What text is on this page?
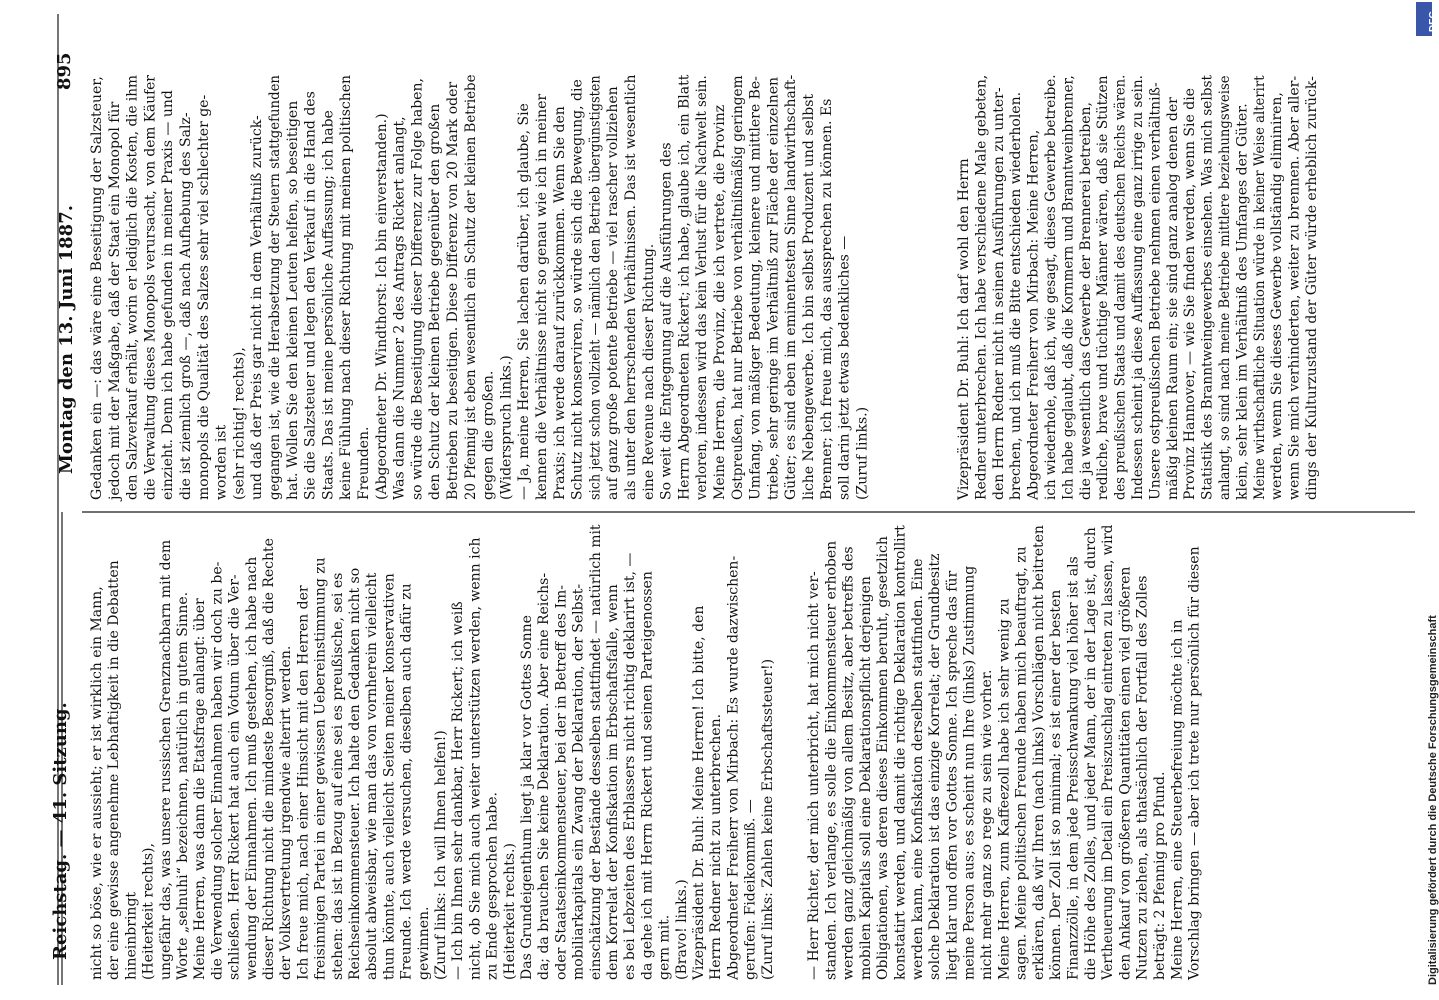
Reichstag. — 41. Sitzung.
Montag den 13. Juni 1887.
895
nicht so böse, wie er aussieht; er ist wirklich ein Mann, der eine gewisse angenehme Lebhaftigkeit in die Debatten hineinbringt (Heiterkeit rechts), ungefähr das, was unsere russischen Grenznachbarn mit dem Worte „selnuhi“ bezeichnen, natürlich in gutem Sinne. Meine Herren, was dann die Etatsfrage anlangt: über die Verwendung solcher Einnahmen haben wir doch zu be- schließen. Herr Rickert hat auch ein Votum über die Ver- wendung der Einnahmen. Ich muß gestehen, ich habe nach dieser Richtung nicht die mindeste Besorgniß, daß die Rechte der Volksvertretung irgendwie alterirt werden. Ich freue mich, nach einer Hinsicht mit den Herren der freisinnigen Partei in einer gewissen Uebereinstimmung zu stehen: das ist in Bezug auf eine sei es preußische, sei es Reichseinkommensteuer. Ich halte den Gedanken nicht so absolut abweisbar, wie man das von vornherein vielleicht thun könnte, auch vielleicht Seiten meiner konservativen Freunde. Ich werde versuchen, dieselben auch dafür zu gewinnen. (Zuruf links: Ich will Ihnen helfen!) — Ich bin Ihnen sehr dankbar, Herr Rickert; ich weiß nicht, ob Sie mich auch weiter unterstützen werden, wenn ich zu Ende gesprochen habe. (Heiterkeit rechts.) Das Grundeigenthum liegt ja klar vor Gottes Sonne da; da brauchen Sie keine Deklaration. Aber eine Reichs- oder Staatseinkommensteuer, bei der in Betreff des Im- mobiliarkapitals ein Zwang der Deklaration, der Selbst- einschätzung der Bestände desselben stattfindet — natürlich mit dem Korrelat der Konfiskation im Erbschaftsfalle, wenn es bei Lebzeiten des Erblassers nicht richtig deklarirt ist, — da gehe ich mit Herrn Rickert und seinen Parteigenossen gern mit. (Bravo! links.) Vizepräsident Dr. Buhl: Meine Herren! Ich bitte, den Herrn Redner nicht zu unterbrechen. Abgeordneter Freiherr von Mirbach: Es wurde dazwischen- gerufen: Fideikommiß. — (Zuruf links: Zahlen keine Erbschaftssteuer!) — Herr Richter, der mich unterbricht, hat mich nicht ver- standen. Ich verlange, es solle die Einkommensteuer erhoben werden ganz gleichmäßig von allem Besitz, aber betreffs des mobilen Kapitals soll eine Deklarationspflicht derjenigen Obligationen, was deren dieses Einkommen beruht, gesetzlich konstatirt werden, und damit die richtige Deklaration kontrollirt werden kann, eine Konfiskation derselben stattfinden. Eine solche Deklaration ist das einzige Korrelat; der Grundbesitz liegt klar und offen vor Gottes Sonne. Ich spreche das für meine Person aus; es scheint nun Ihre (links) Zustimmung nicht mehr ganz so rege zu sein wie vorher. Meine Herren, zum Kaffeezoll habe ich sehr wenig zu sagen. Meine politischen Freunde haben mich beauftragt, zu erklären, daß wir Ihren (nach links) Vorschlägen nicht beitreten können. Der Zoll ist so minimal; es ist einer der besten Finanzzölle, in dem jede Preisschwankung viel höher ist als die Höhe des Zolles, und jeder Mann, der in der Lage ist, durch Vertheuerung im Detail ein Preiszuschlag eintreten zu lassen, wird den Ankauf von größeren Quantitäten einen viel größeren Nutzen zu ziehen, als thatsächlich der Fortfall des Zolles beträgt: 2 Pfennig pro Pfund. Meine Herren, eine Steuerbefreiung möchte ich in Vorschlag bringen — aber ich trete nur persönlich für diesen
Gedanken ein —: das wäre eine Beseitigung der Salzsteuer, jedoch mit der Maßgabe, daß der Staat ein Monopol für den Salzverkauf erhält, worin er lediglich die Kosten, die ihm die Verwaltung dieses Monopols verursacht, von dem Käufer einzieht. Denn ich habe gefunden in meiner Praxis — und die ist ziemlich groß —, daß nach Aufhebung des Salz- monopols die Qualität des Salzes sehr viel schlechter ge- worden ist (sehr richtig! rechts), und daß der Preis gar nicht in dem Verhältniß zurück- gegangen ist, wie die Herabsetzung der Steuern stattgefunden hat. Wollen Sie den kleinen Leuten helfen, so beseitigen Sie die Salzsteuer und legen den Verkauf in die Hand des Staats. Das ist meine persönliche Auffassung; ich habe keine Fühlung nach dieser Richtung mit meinen politischen Freunden. (Abgeordneter Dr. Windthorst: Ich bin einverstanden.) Was dann die Nummer 2 des Antrags Rickert anlangt, so würde die Beseitigung dieser Differenz zur Folge haben, den Schutz der kleinen Betriebe gegenüber den großen Betrieben zu beseitigen. Diese Differenz von 20 Mark oder 20 Pfennig ist eben wesentlich ein Schutz der kleinen Betriebe gegen die großen. (Widerspruch links.) — Ja, meine Herren, Sie lachen darüber, ich glaube, Sie kennen die Verhältnisse nicht so genau wie ich in meiner Praxis; ich werde darauf zurückkommen. Wenn Sie den Schutz nicht konserviren, so würde sich die Bewegung, die sich jetzt schon vollzieht — nämlich den Betrieb übergünstigsten auf ganz große potente Betriebe — viel rascher vollziehen als unter den herrschenden Verhältnissen. Das ist wesentlich eine Revenue nach dieser Richtung. So weit die Entgegnung auf die Ausführungen des Herrn Abgeordneten Rickert; ich habe, glaube ich, ein Blatt verloren, indessen wird das kein Verlust für die Nachwelt sein. Meine Herren, die Provinz, die ich vertrete, die Provinz Ostpreußen, hat nur Betriebe von verhältnißmäßig geringem Umfang, von mäßiger Bedeutung, kleinere und mittlere Be- triebe, sehr geringe im Verhältniß zur Fläche der einzelnen Güter; es sind eben im eminentesten Sinne landwirthschaft- liche Nebengewerbe. Ich bin selbst Produzent und selbst Brenner; ich freue mich, das aussprechen zu können. Es soll darin jetzt etwas bedenkliches — (Zuruf links.)	Vizepräsident Dr. Buhl: Ich darf wohl den Herrn Redner unterbrechen. Ich habe verschiedene Male gebeten, den Herrn Redner nicht in seinen Ausführungen zu unter- brechen, und ich muß die Bitte entschieden wiederholen. Abgeordneter Freiherr von Mirbach: Meine Herren, ich wiederhole, daß ich, wie gesagt, dieses Gewerbe betreibe. Ich habe geglaubt, daß die Kornmern und Branntweinbrenner, die ja wesentlich das Gewerbe der Brennerei betreiben, redliche, brave und tüchtige Männer wären, daß sie Stützen des preußischen Staats und damit des deutschen Reichs wären. Indessen scheint ja diese Auffassung eine ganz irrige zu sein. Unsere ostpreußischen Betriebe nehmen einen verhältniß- mäßig kleinen Raum ein; sie sind ganz analog denen der Provinz Hannover, — wie Sie finden werden, wenn Sie die Statistik des Branntweingewerbes einsehen. Was mich selbst anlangt, so sind nach meine Betriebe mittlere beziehungsweise klein, sehr klein im Verhältniß des Umfanges der Güter. Meine wirthschaftliche Situation würde in keiner Weise alterirt werden, wenn Sie dieses Gewerbe vollständig eliminiren, wenn Sie mich verhinderten, weiter zu brennen. Aber aller- dings der Kulturzustand der Güter würde erheblich zurück-
Digitalisierung gefördert durch die Deutsche Forschungsgemeinschaft
DFG
